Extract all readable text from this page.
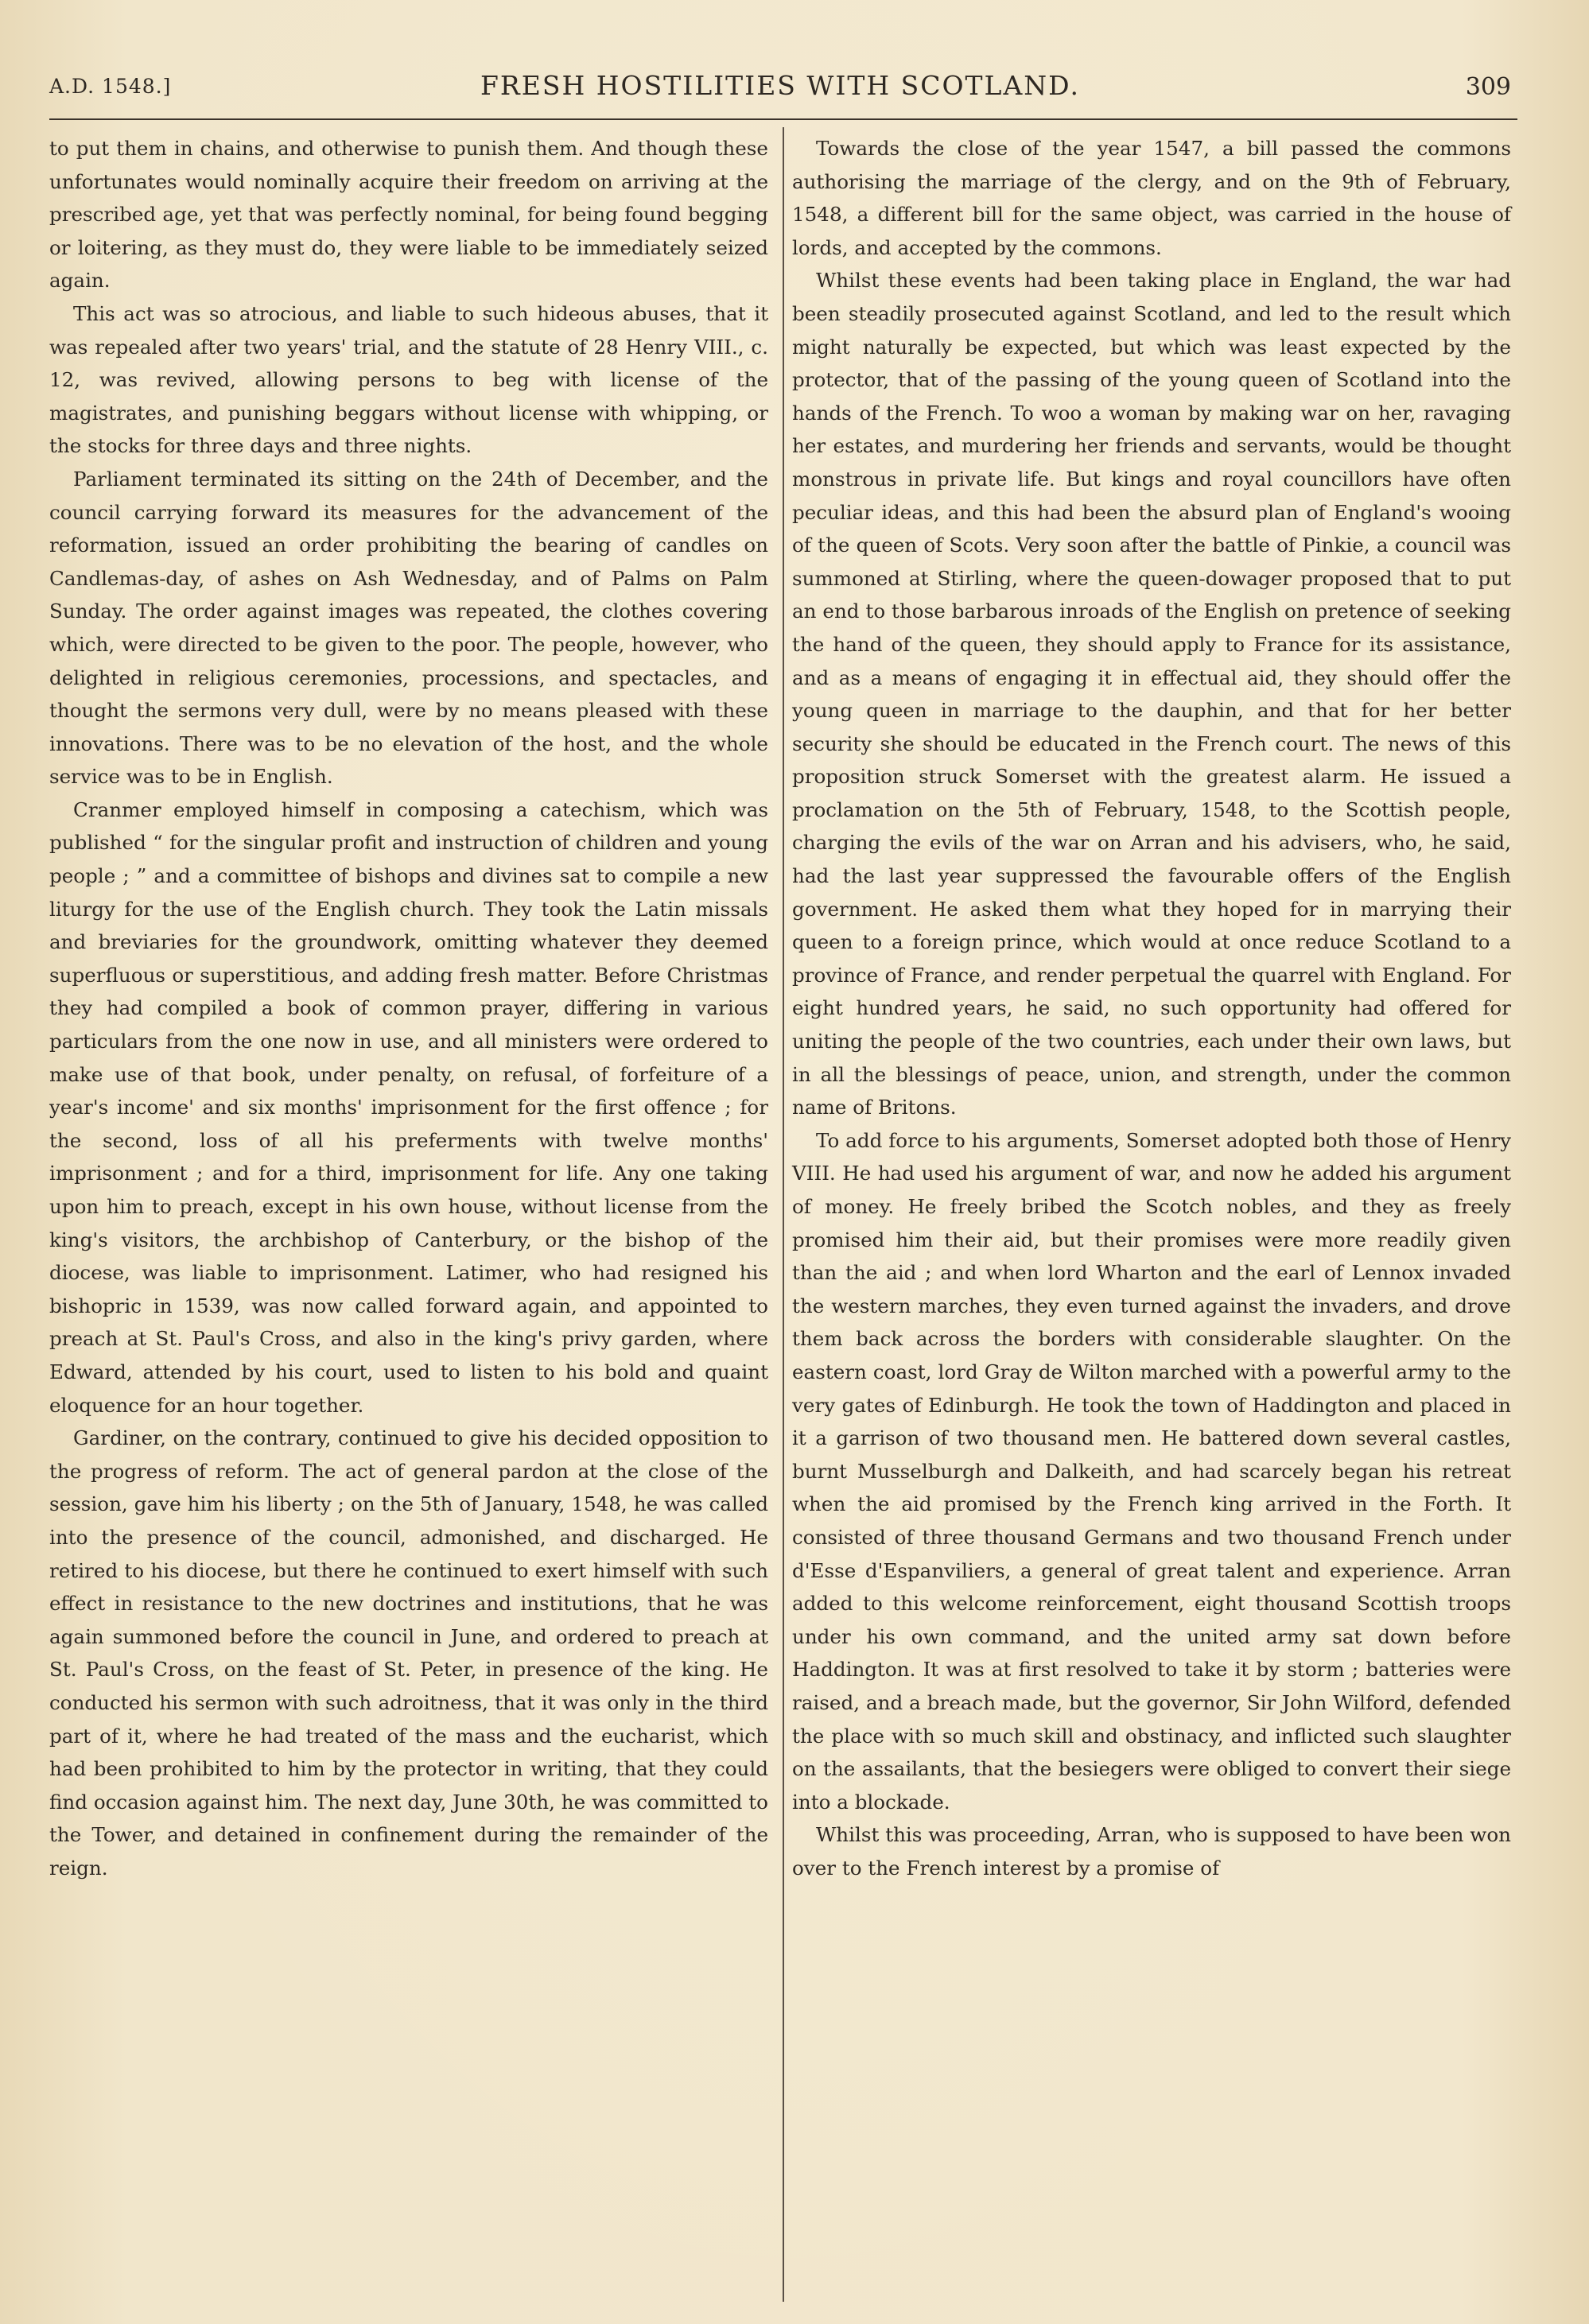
A.D. 1548.]	FRESH HOSTILITIES WITH SCOTLAND.	309

to put them in chains, and otherwise to punish them. And though these unfortunates would nominally acquire their freedom on arriving at the prescribed age, yet that was perfectly nominal, for being found begging or loitering, as they must do, they were liable to be immediately seized again.

This act was so atrocious, and liable to such hideous abuses, that it was repealed after two years' trial, and the statute of 28 Henry VIII., c. 12, was revived, allowing persons to beg with license of the magistrates, and punishing beggars without license with whipping, or the stocks for three days and three nights.

Parliament terminated its sitting on the 24th of December, and the council carrying forward its measures for the advancement of the reformation, issued an order prohibiting the bearing of candles on Candlemas-day, of ashes on Ash Wednesday, and of Palms on Palm Sunday. The order against images was repeated, the clothes covering which, were directed to be given to the poor. The people, however, who delighted in religious ceremonies, processions, and spectacles, and thought the sermons very dull, were by no means pleased with these innovations. There was to be no elevation of the host, and the whole service was to be in English.

Cranmer employed himself in composing a catechism, which was published “ for the singular profit and instruction of children and young people ; ” and a committee of bishops and divines sat to compile a new liturgy for the use of the English church. They took the Latin missals and breviaries for the groundwork, omitting whatever they deemed superfluous or superstitious, and adding fresh matter. Before Christmas they had compiled a book of common prayer, differing in various particulars from the one now in use, and all ministers were ordered to make use of that book, under penalty, on refusal, of forfeiture of a year's income' and six months' imprisonment for the first offence ; for the second, loss of all his preferments with twelve months' imprisonment ; and for a third, imprisonment for life. Any one taking upon him to preach, except in his own house, without license from the king's visitors, the archbishop of Canterbury, or the bishop of the diocese, was liable to imprisonment. Latimer, who had resigned his bishopric in 1539, was now called forward again, and appointed to preach at St. Paul's Cross, and also in the king's privy garden, where Edward, attended by his court, used to listen to his bold and quaint eloquence for an hour together.

Gardiner, on the contrary, continued to give his decided opposition to the progress of reform. The act of general pardon at the close of the session, gave him his liberty ; on the 5th of January, 1548, he was called into the presence of the council, admonished, and discharged. He retired to his diocese, but there he continued to exert himself with such effect in resistance to the new doctrines and institutions, that he was again summoned before the council in June, and ordered to preach at St. Paul's Cross, on the feast of St. Peter, in presence of the king. He conducted his sermon with such adroitness, that it was only in the third part of it, where he had treated of the mass and the eucharist, which had been prohibited to him by the protector in writing, that they could find occasion against him. The next day, June 30th, he was committed to the Tower, and detained in confinement during the remainder of the reign.

Towards the close of the year 1547, a bill passed the commons authorising the marriage of the clergy, and on the 9th of February, 1548, a different bill for the same object, was carried in the house of lords, and accepted by the commons.

Whilst these events had been taking place in England, the war had been steadily prosecuted against Scotland, and led to the result which might naturally be expected, but which was least expected by the protector, that of the passing of the young queen of Scotland into the hands of the French. To woo a woman by making war on her, ravaging her estates, and murdering her friends and servants, would be thought monstrous in private life. But kings and royal councillors have often peculiar ideas, and this had been the absurd plan of England's wooing of the queen of Scots. Very soon after the battle of Pinkie, a council was summoned at Stirling, where the queen-dowager proposed that to put an end to those barbarous inroads of the English on pretence of seeking the hand of the queen, they should apply to France for its assistance, and as a means of engaging it in effectual aid, they should offer the young queen in marriage to the dauphin, and that for her better security she should be educated in the French court. The news of this proposition struck Somerset with the greatest alarm. He issued a proclamation on the 5th of February, 1548, to the Scottish people, charging the evils of the war on Arran and his advisers, who, he said, had the last year suppressed the favourable offers of the English government. He asked them what they hoped for in marrying their queen to a foreign prince, which would at once reduce Scotland to a province of France, and render perpetual the quarrel with England. For eight hundred years, he said, no such opportunity had offered for uniting the people of the two countries, each under their own laws, but in all the blessings of peace, union, and strength, under the common name of Britons.

To add force to his arguments, Somerset adopted both those of Henry VIII. He had used his argument of war, and now he added his argument of money. He freely bribed the Scotch nobles, and they as freely promised him their aid, but their promises were more readily given than the aid ; and when lord Wharton and the earl of Lennox invaded the western marches, they even turned against the invaders, and drove them back across the borders with considerable slaughter. On the eastern coast, lord Gray de Wilton marched with a powerful army to the very gates of Edinburgh. He took the town of Haddington and placed in it a garrison of two thousand men. He battered down several castles, burnt Musselburgh and Dalkeith, and had scarcely began his retreat when the aid promised by the French king arrived in the Forth. It consisted of three thousand Germans and two thousand French under d'Esse d'Espanviliers, a general of great talent and experience. Arran added to this welcome reinforcement, eight thousand Scottish troops under his own command, and the united army sat down before Haddington. It was at first resolved to take it by storm ; batteries were raised, and a breach made, but the governor, Sir John Wilford, defended the place with so much skill and obstinacy, and inflicted such slaughter on the assailants, that the besiegers were obliged to convert their siege into a blockade.

Whilst this was proceeding, Arran, who is supposed to have been won over to the French interest by a promise of
